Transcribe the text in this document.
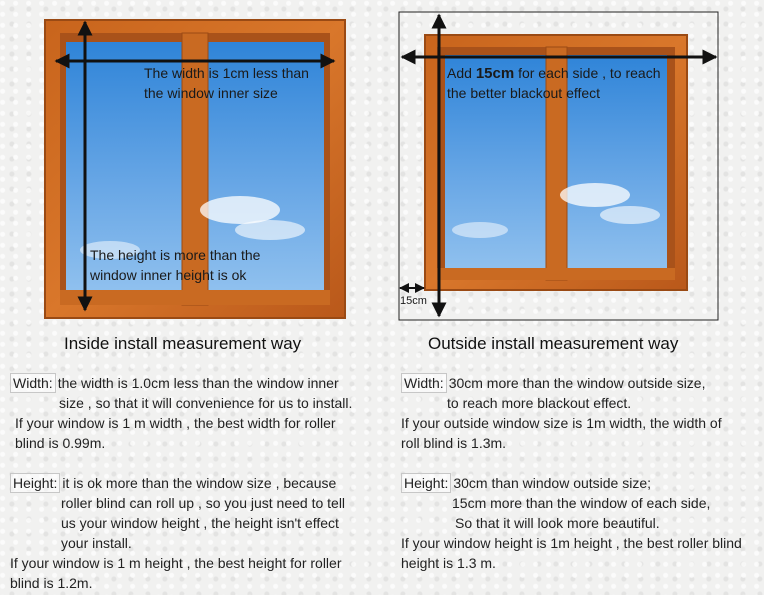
The width is 1cm less than
the window inner size
The height is more than the
window inner height is ok
Inside install measurement way
Add 15cm for each side , to reach
the better blackout effect
15cm
Outside install measurement way

Width: the width is 1.0cm less than the window inner

size , so that it will convenience for us to install.

If your window is 1 m width , the best width for roller

blind is 0.99m.

Height: it is ok more than the window size , because

roller blind can roll up , so you just need to tell

us your window height , the height isn't effect

your install.

If your window is 1 m height , the best height for roller

blind is 1.2m.

Width: 30cm more than the window outside size,

to reach more blackout effect.

If your outside window size is 1m width, the width of

roll blind is 1.3m.

Height: 30cm than window outside size;

15cm more than the window of each side,

So that it will look more beautiful.

If your window height is 1m height , the best roller blind

height is 1.3 m.
